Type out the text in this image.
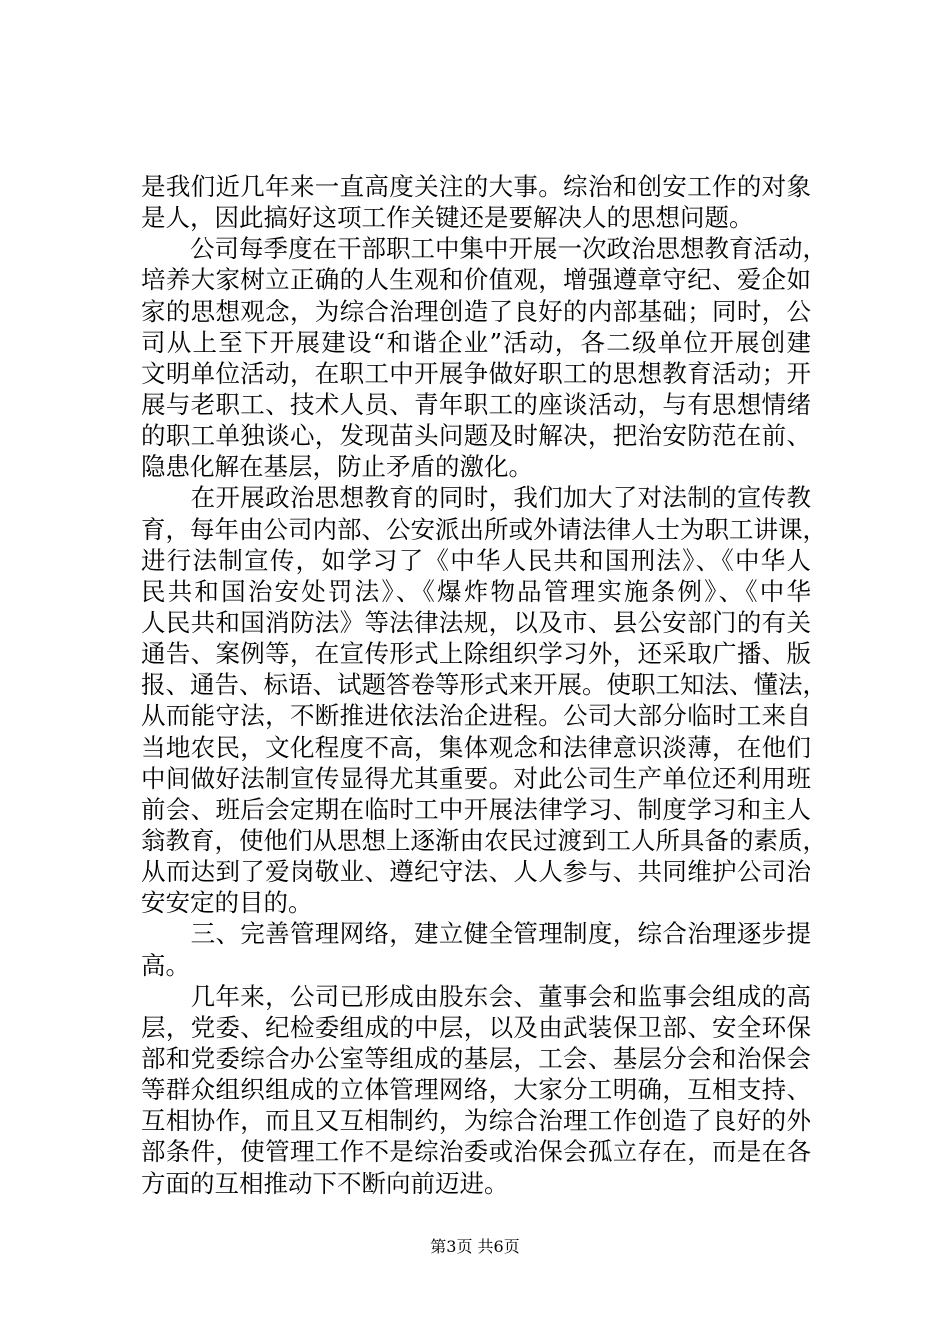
是我们近几年来一直高度关注的大事。综治和创安工作的对象
是人，因此搞好这项工作关键还是要解决人的思想问题。
　　公司每季度在干部职工中集中开展一次政治思想教育活动，
培养大家树立正确的人生观和价值观，增强遵章守纪、爱企如
家的思想观念，为综合治理创造了良好的内部基础；同时，公
司从上至下开展建设“和谐企业”活动，各二级单位开展创建
文明单位活动，在职工中开展争做好职工的思想教育活动；开
展与老职工、技术人员、青年职工的座谈活动，与有思想情绪
的职工单独谈心，发现苗头问题及时解决，把治安防范在前、
隐患化解在基层，防止矛盾的激化。
　　在开展政治思想教育的同时，我们加大了对法制的宣传教
育，每年由公司内部、公安派出所或外请法律人士为职工讲课，
进行法制宣传，如学习了《中华人民共和国刑法》、《中华人
民共和国治安处罚法》、《爆炸物品管理实施条例》、《中华
人民共和国消防法》等法律法规，以及市、县公安部门的有关
通告、案例等，在宣传形式上除组织学习外，还采取广播、版
报、通告、标语、试题答卷等形式来开展。使职工知法、懂法，
从而能守法，不断推进依法治企进程。公司大部分临时工来自
当地农民，文化程度不高，集体观念和法律意识淡薄，在他们
中间做好法制宣传显得尤其重要。对此公司生产单位还利用班
前会、班后会定期在临时工中开展法律学习、制度学习和主人
翁教育，使他们从思想上逐渐由农民过渡到工人所具备的素质，
从而达到了爱岗敬业、遵纪守法、人人参与、共同维护公司治
安安定的目的。
　　三、完善管理网络，建立健全管理制度，综合治理逐步提
高。
　　几年来，公司已形成由股东会、董事会和监事会组成的高
层，党委、纪检委组成的中层，以及由武装保卫部、安全环保
部和党委综合办公室等组成的基层，工会、基层分会和治保会
等群众组织组成的立体管理网络，大家分工明确，互相支持、
互相协作，而且又互相制约，为综合治理工作创造了良好的外
部条件，使管理工作不是综治委或治保会孤立存在，而是在各
方面的互相推动下不断向前迈进。
第3页 共6页
